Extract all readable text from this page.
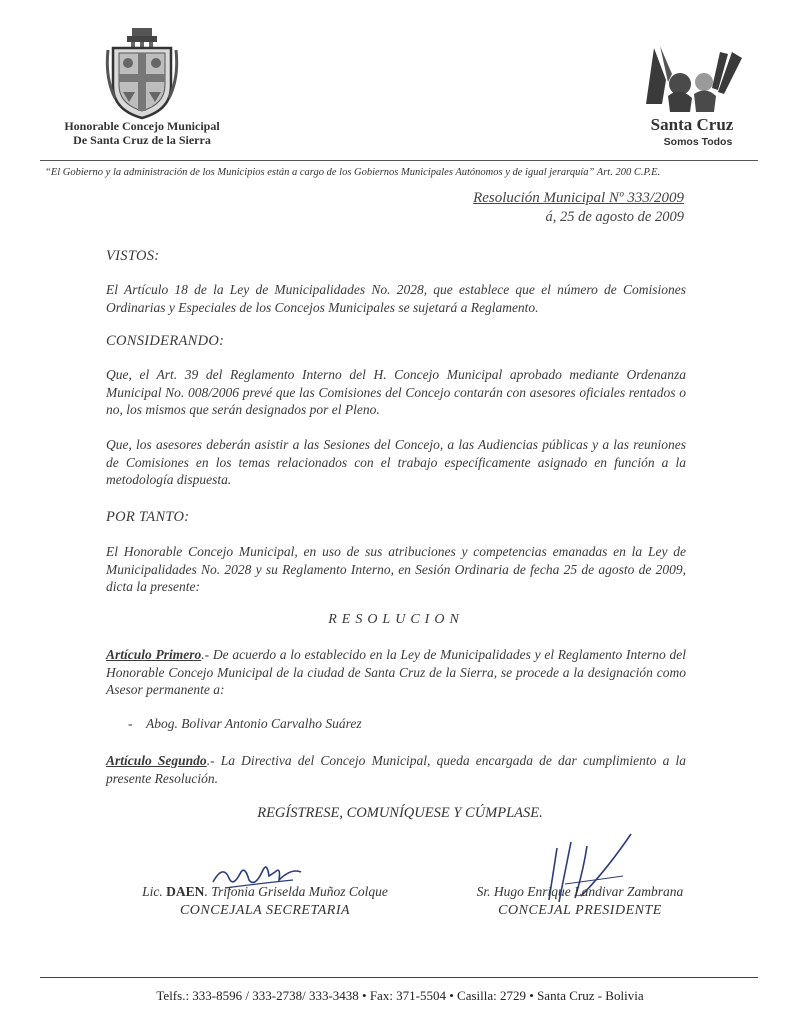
Honorable Concejo Municipal
De Santa Cruz de la Sierra
Santa Cruz
Somos Todos
“El Gobierno y la administración de los Municipios están a cargo de los Gobiernos Municipales Autónomos y de igual jerarquía” Art. 200 C.P.E.
Resolución Municipal Nº 333/2009
á, 25 de agosto de 2009
VISTOS:
El Artículo 18 de la Ley de Municipalidades No. 2028, que establece que el número de Comisiones Ordinarias y Especiales de los Concejos Municipales se sujetará a Reglamento.
CONSIDERANDO:
Que, el Art. 39 del Reglamento Interno del H. Concejo Municipal aprobado mediante Ordenanza Municipal No. 008/2006 prevé que las Comisiones del Concejo contarán con asesores oficiales rentados o no, los mismos que serán designados por el Pleno.
Que, los asesores deberán asistir a las Sesiones del Concejo, a las Audiencias públicas y a las reuniones de Comisiones en los temas relacionados con el trabajo específicamente asignado en función a la metodología dispuesta.
POR TANTO:
El Honorable Concejo Municipal, en uso de sus atribuciones y competencias emanadas en la Ley de Municipalidades No. 2028 y su Reglamento Interno, en Sesión Ordinaria de fecha 25 de agosto de 2009, dicta la presente:
RESOLUCION
Artículo Primero.- De acuerdo a lo establecido en la Ley de Municipalidades y el Reglamento Interno del Honorable Concejo Municipal de la ciudad de Santa Cruz de la Sierra, se procede a la designación como Asesor permanente a:
- Abog. Bolivar Antonio Carvalho Suárez
Artículo Segundo.- La Directiva del Concejo Municipal, queda encargada de dar cumplimiento a la presente Resolución.
REGÍSTRESE, COMUNÍQUESE Y CÚMPLASE.
Lic. DAEN. Trifonia Griselda Muñoz Colque
CONCEJALA SECRETARIA
Sr. Hugo Enrique Landivar Zambrana
CONCEJAL PRESIDENTE
Telfs.: 333-8596 / 333-2738/ 333-3438 • Fax: 371-5504 • Casilla: 2729 • Santa Cruz - Bolivia
